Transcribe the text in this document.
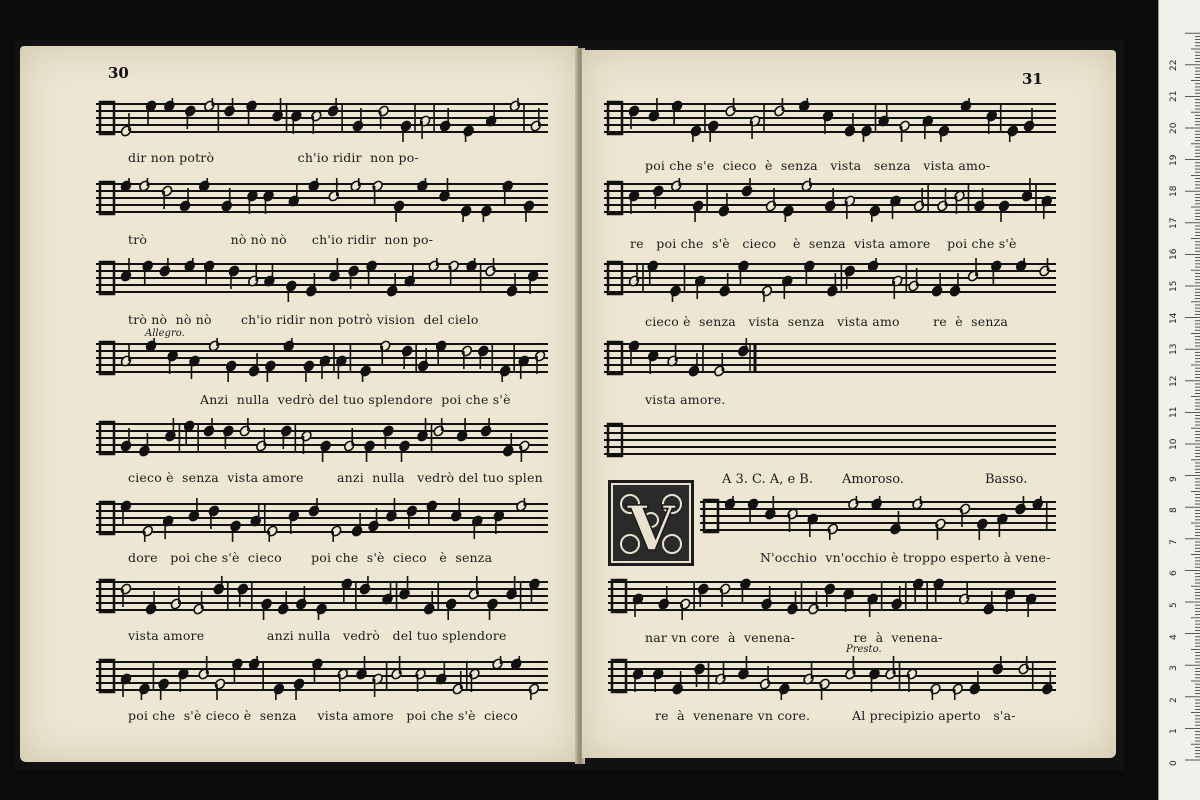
30
dir non potrò                    ch'io ridir  non po-
trò                    nò nò nò      ch'io ridir  non po-
trò nò  nò nò       ch'io ridir non potrò vision  del cielo
Allegro.
Anzi  nulla  vedrò del tuo splendore  poi che s'è
cieco è  senza  vista amore        anzi  nulla   vedrò del tuo splen
dore   poi che s'è  cieco       poi che  s'è  cieco   è  senza
vista amore               anzi nulla   vedrò   del tuo splendore
poi che  s'è cieco è  senza     vista amore   poi che s'è  cieco
31
poi che s'e  cieco  è  senza   vista   senza   vista amo-
re   poi che  s'è   cieco    è  senza  vista amore    poi che s'è
cieco è  senza   vista  senza   vista amo        re  è  senza
vista amore.
A 3. C. A, e B. Amoroso.	Basso.
V
Presto.
N'occhio  vn'occhio è troppo esperto à vene-
nar vn core  à  venena-              re  à  venena-
re  à  venenare vn core.          Al precipizio aperto   s'a-
0
1
2
3
4
5
6
7
8
9
10
11
12
13
14
15
16
17
18
19
20
21
22
